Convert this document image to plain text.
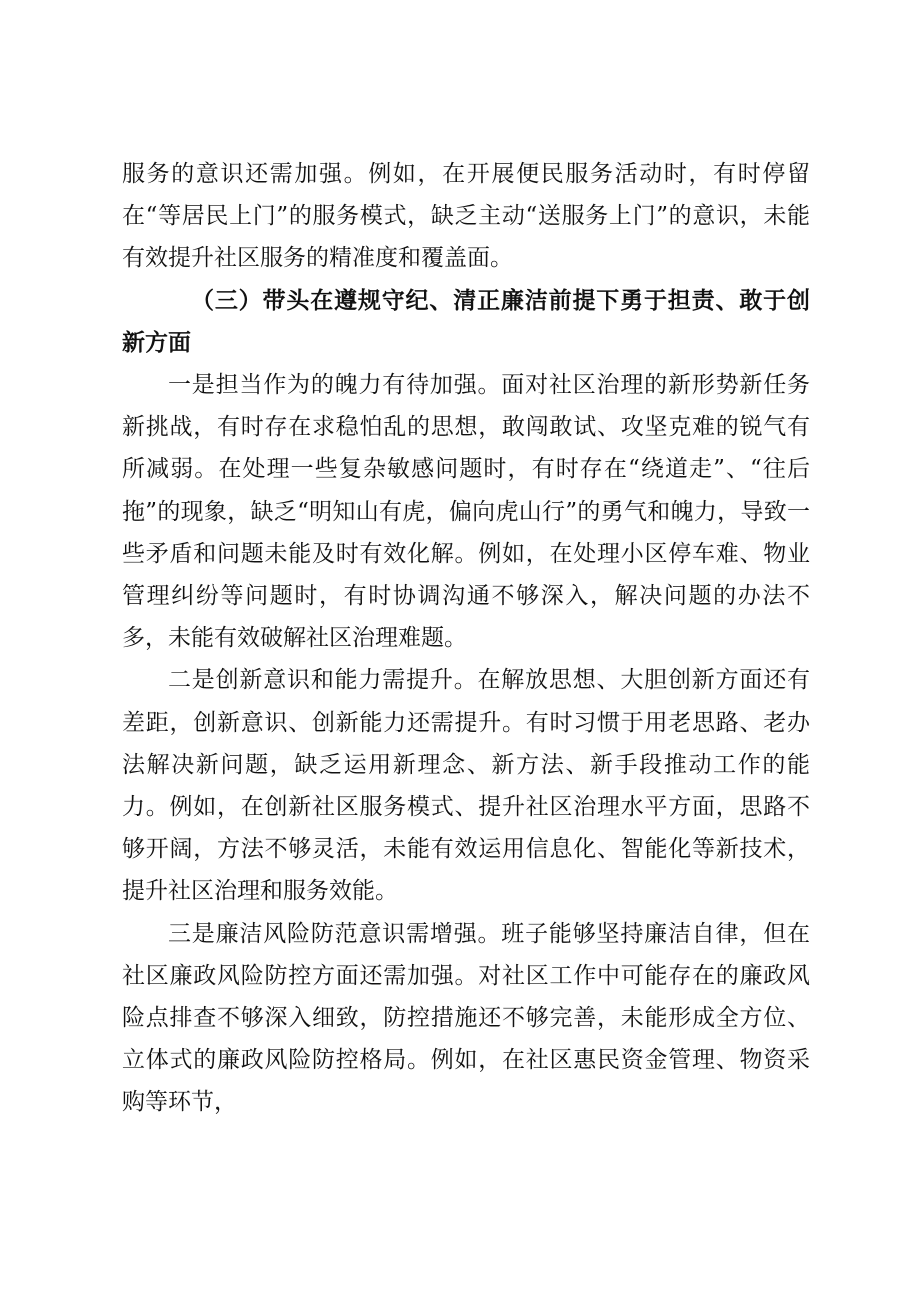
服务的意识还需加强。例如，在开展便民服务活动时，有时停留在“等居民上门”的服务模式，缺乏主动“送服务上门”的意识，未能有效提升社区服务的精准度和覆盖面。

（三）带头在遵规守纪、清正廉洁前提下勇于担责、敢于创新方面

一是担当作为的魄力有待加强。面对社区治理的新形势新任务新挑战，有时存在求稳怕乱的思想，敢闯敢试、攻坚克难的锐气有所减弱。在处理一些复杂敏感问题时，有时存在“绕道走”、“往后拖”的现象，缺乏“明知山有虎，偏向虎山行”的勇气和魄力，导致一些矛盾和问题未能及时有效化解。例如，在处理小区停车难、物业管理纠纷等问题时，有时协调沟通不够深入，解决问题的办法不多，未能有效破解社区治理难题。

二是创新意识和能力需提升。在解放思想、大胆创新方面还有差距，创新意识、创新能力还需提升。有时习惯于用老思路、老办法解决新问题，缺乏运用新理念、新方法、新手段推动工作的能力。例如，在创新社区服务模式、提升社区治理水平方面，思路不够开阔，方法不够灵活，未能有效运用信息化、智能化等新技术，提升社区治理和服务效能。

三是廉洁风险防范意识需增强。班子能够坚持廉洁自律，但在社区廉政风险防控方面还需加强。对社区工作中可能存在的廉政风险点排查不够深入细致，防控措施还不够完善，未能形成全方位、立体式的廉政风险防控格局。例如，在社区惠民资金管理、物资采购等环节，
